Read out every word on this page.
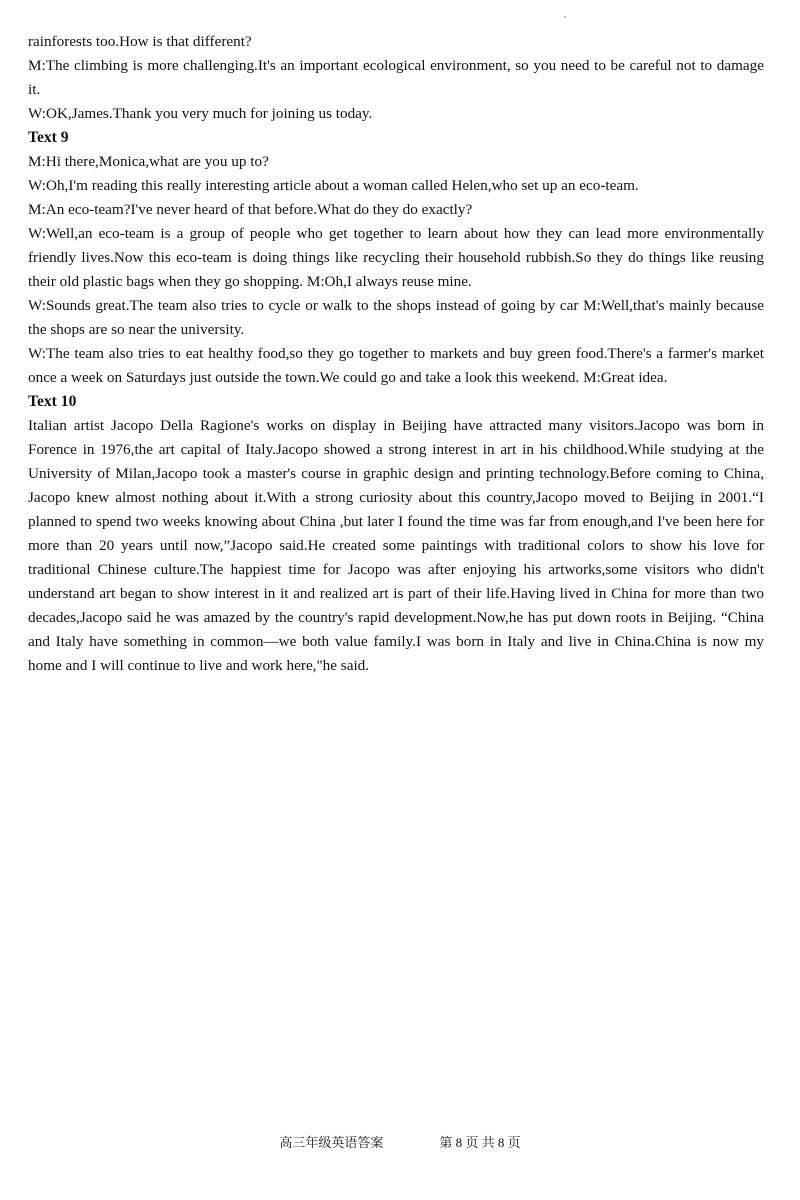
rainforests too.How is that different?

M:The climbing is more challenging.It's an important ecological environment, so you need to be careful not to damage it.

W:OK,James.Thank you very much for joining us today.

Text 9

M:Hi there,Monica,what are you up to?

W:Oh,I'm reading this really interesting article about a woman called Helen,who set up an eco-team.

M:An eco-team?I've never heard of that before.What do they do exactly?

W:Well,an eco-team is a group of people who get together to learn about how they can lead more environmentally friendly lives.Now this eco-team is doing things like recycling their household rubbish.So they do things like reusing their old plastic bags when they go shopping. M:Oh,I always reuse mine.

W:Sounds great.The team also tries to cycle or walk to the shops instead of going by car M:Well,that's mainly because the shops are so near the university.

W:The team also tries to eat healthy food,so they go together to markets and buy green food.There's a farmer's market once a week on Saturdays just outside the town.We could go and take a look this weekend. M:Great idea.

Text 10

Italian artist Jacopo Della Ragione's works on display in Beijing have attracted many visitors.Jacopo was born in Forence in 1976,the art capital of Italy.Jacopo showed a strong interest in art in his childhood.While studying at the University of Milan,Jacopo took a master's course in graphic design and printing technology.Before coming to China, Jacopo knew almost nothing about it.With a strong curiosity about this country,Jacopo moved to Beijing in 2001.“I planned to spend two weeks knowing about China ,but later I found the time was far from enough,and I've been here for more than 20 years until now,”Jacopo said.He created some paintings with traditional colors to show his love for traditional Chinese culture.The happiest time for Jacopo was after enjoying his artworks,some visitors who didn't understand art began to show interest in it and realized art is part of their life.Having lived in China for more than two decades,Jacopo said he was amazed by the country's rapid development.Now,he has put down roots in Beijing. “China and Italy have something in common—we both value family.I was born in Italy and live in China.China is now my home and I will continue to live and work here,"he said.

高三年级英语答案	第 8 页 共 8 页
